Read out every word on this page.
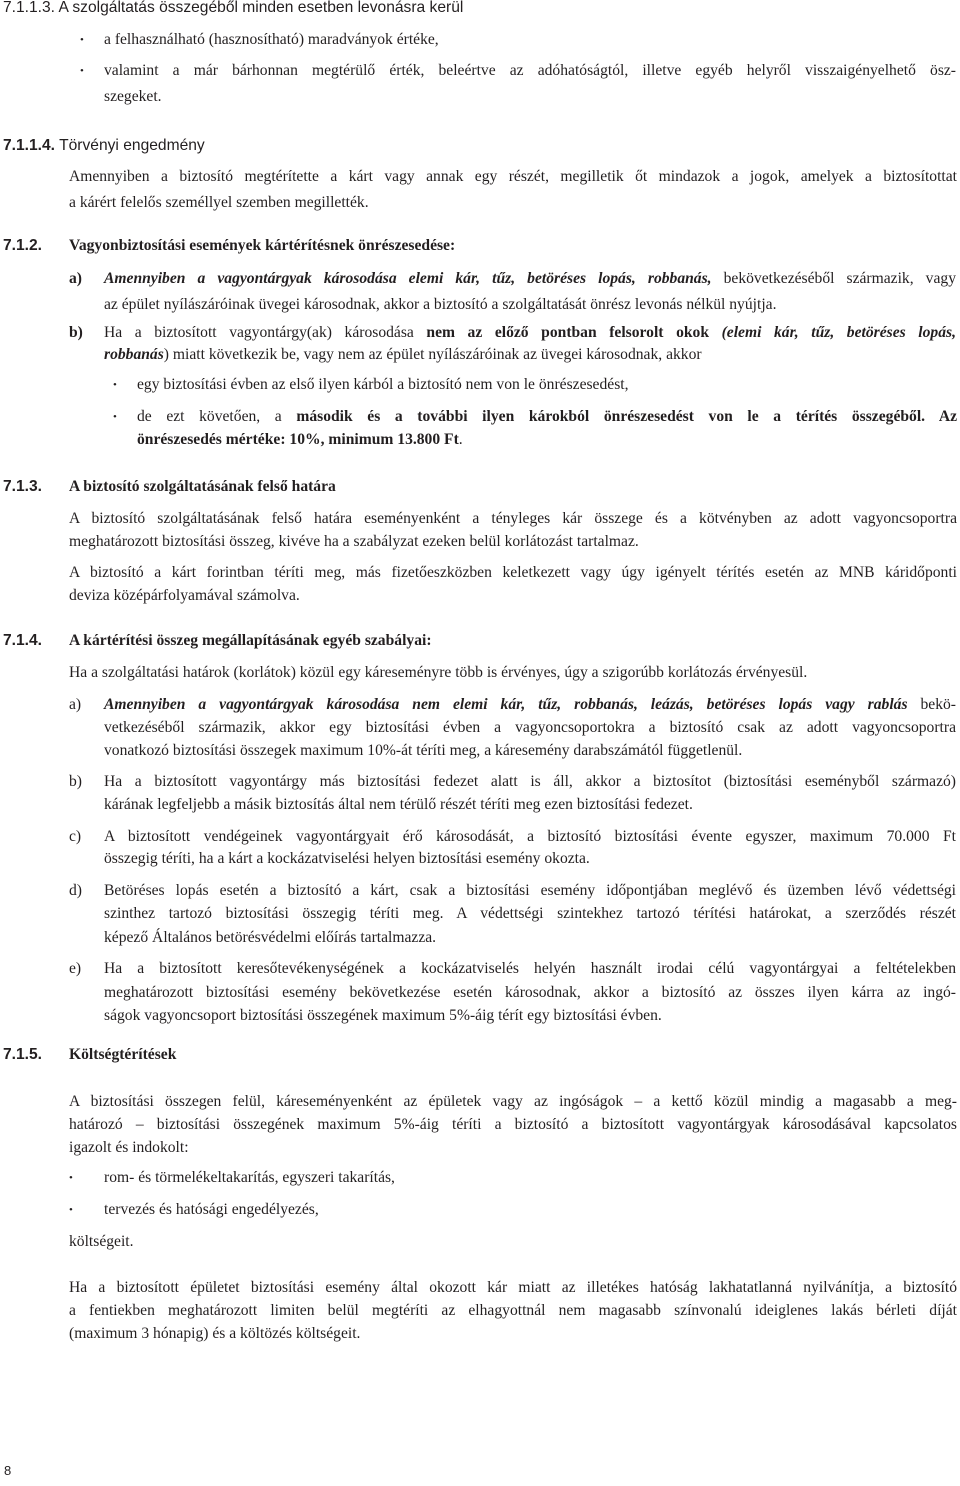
7.1.1.3. A szolgáltatás összegéből minden esetben levonásra kerül
• a felhasználható (hasznosítható) maradványok értéke,
• valamint a már bárhonnan megtérülő érték, beleértve az adóhatóságtól, illetve egyéb helyről visszaigényelhető ösz-
szegeket.
7.1.1.4. Törvényi engedmény
Amennyiben a biztosító megtérítette a kárt vagy annak egy részét, megilletik őt mindazok a jogok, amelyek a biztosítottat
a kárért felelős személlyel szemben megillették.
7.1.2. Vagyonbiztosítási események kártérítésnek önrészesedése:
a) Amennyiben a vagyontárgyak károsodása elemi kár, tűz, betöréses lopás, robbanás, bekövetkezéséből származik, vagy
az épület nyílászáróinak üvegei károsodnak, akkor a biztosító a szolgáltatását önrész levonás nélkül nyújtja.
b) Ha a biztosított vagyontárgy(ak) károsodása nem az előző pontban felsorolt okok (elemi kár, tűz, betöréses lopás,
robbanás) miatt következik be, vagy nem az épület nyílászáróinak az üvegei károsodnak, akkor
• egy biztosítási évben az első ilyen kárból a biztosító nem von le önrészesedést,
• de ezt követően, a második és a további ilyen károkból önrészesedést von le a térítés összegéből. Az
önrészesedés mértéke: 10%, minimum 13.800 Ft.
7.1.3. A biztosító szolgáltatásának felső határa
A biztosító szolgáltatásának felső határa eseményenként a tényleges kár összege és a kötvényben az adott vagyoncsoportra
meghatározott biztosítási összeg, kivéve ha a szabályzat ezeken belül korlátozást tartalmaz.
A biztosító a kárt forintban téríti meg, más fizetőeszközben keletkezett vagy úgy igényelt térítés esetén az MNB káridőponti
deviza középárfolyamával számolva.
7.1.4. A kártérítési összeg megállapításának egyéb szabályai:
Ha a szolgáltatási határok (korlátok) közül egy káreseményre több is érvényes, úgy a szigorúbb korlátozás érvényesül.
a) Amennyiben a vagyontárgyak károsodása nem elemi kár, tűz, robbanás, leázás, betöréses lopás vagy rablás bekö-
vetkezéséből származik, akkor egy biztosítási évben a vagyoncsoportokra a biztosító csak az adott vagyoncsoportra
vonatkozó biztosítási összegek maximum 10%-át téríti meg, a káresemény darabszámától függetlenül.
b) Ha a biztosított vagyontárgy más biztosítási fedezet alatt is áll, akkor a biztosítot (biztosítási eseményből származó)
kárának legfeljebb a másik biztosítás által nem térülő részét téríti meg ezen biztosítási fedezet.
c) A biztosított vendégeinek vagyontárgyait érő károsodását, a biztosító biztosítási évente egyszer, maximum 70.000 Ft
összegig téríti, ha a kárt a kockázatviselési helyen biztosítási esemény okozta.
d) Betöréses lopás esetén a biztosító a kárt, csak a biztosítási esemény időpontjában meglévő és üzemben lévő védettségi
szinthez tartozó biztosítási összegig téríti meg. A védettségi szintekhez tartozó térítési határokat, a szerződés részét
képező Általános betörésvédelmi előírás tartalmazza.
e) Ha a biztosított keresőtevékenységének a kockázatviselés helyén használt irodai célú vagyontárgyai a feltételekben
meghatározott biztosítási esemény bekövetkezése esetén károsodnak, akkor a biztosító az összes ilyen kárra az ingó-
ságok vagyoncsoport biztosítási összegének maximum 5%-áig térít egy biztosítási évben.
7.1.5. Költségtérítések
A biztosítási összegen felül, káreseményenként az épületek vagy az ingóságok – a kettő közül mindig a magasabb a meg-
határozó – biztosítási összegének maximum 5%-áig téríti a biztosító a biztosított vagyontárgyak károsodásával kapcsolatos
igazolt és indokolt:
• rom- és törmelékeltakarítás, egyszeri takarítás,
• tervezés és hatósági engedélyezés,
költségeit.
Ha a biztosított épületet biztosítási esemény által okozott kár miatt az illetékes hatóság lakhatatlanná nyilvánítja, a biztosító
a fentiekben meghatározott limiten belül megtéríti az elhagyottnál nem magasabb színvonalú ideiglenes lakás bérleti díját
(maximum 3 hónapig) és a költözés költségeit.
8
